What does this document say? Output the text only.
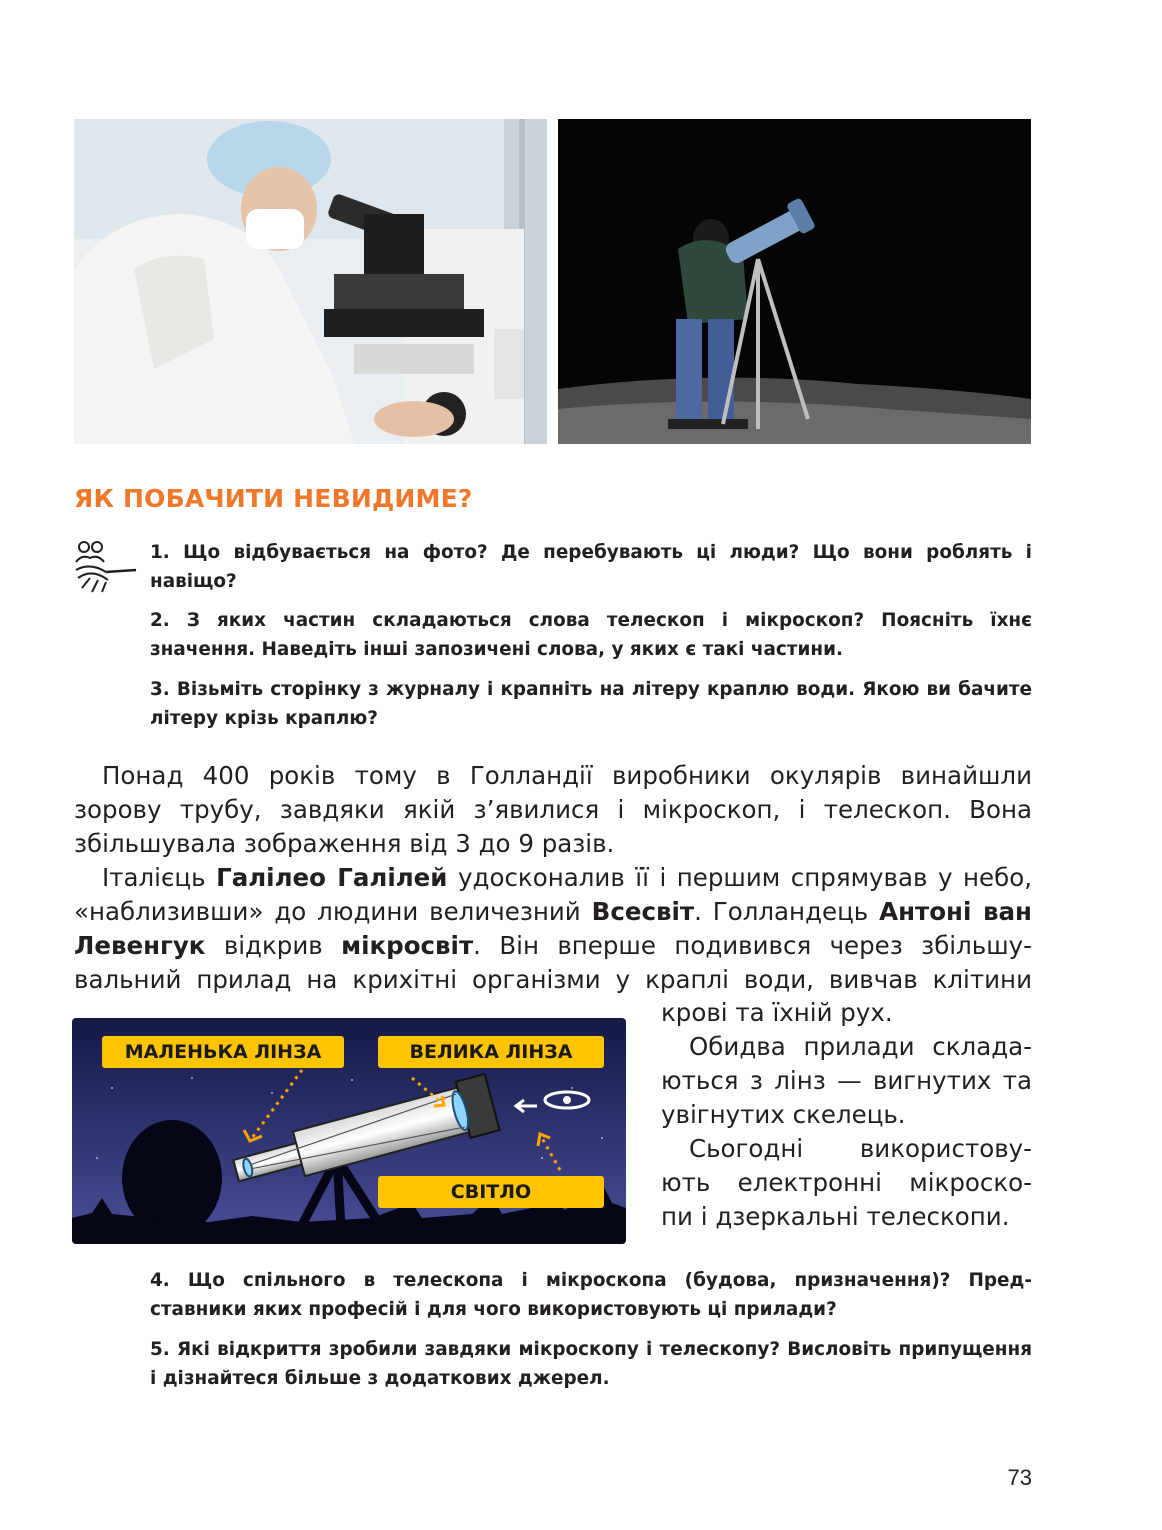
ЯК ПОБАЧИТИ НЕВИДИМЕ?

1. Що відбувається на фото? Де перебувають ці люди? Що вони роблять і навіщо?

2. З яких частин складаються слова телескоп і мікроскоп? Поясніть їхнє значення. Наведіть інші запозичені слова, у яких є такі частини.

3. Візьміть сторінку з журналу і крапніть на літеру краплю води. Якою ви бачите літеру крізь краплю?

Понад 400 років тому в Голландії виробники окулярів винайшли
зорову трубу, завдяки якій з’явилися і мікроскоп, і телескоп. Вона
збільшувала зображення від 3 до 9 разів.
Італієць Галілео Галілей удосконалив її і першим спрямував у небо,
«наблизивши» до людини величезний Всесвіт. Голландець Антоні ван
Левенгук відкрив мікросвіт. Він вперше подивився через збільшу-
вальний прилад на крихітні організми у краплі води, вивчав клітини
крові та їхній рух.
Обидва прилади склада-
ються з лінз — вигнутих та
увігнутих скелець.
Сьогодні використову-
ють електронні мікроско-
пи і дзеркальні телескопи.
МАЛЕНЬКА ЛІНЗА	ВЕЛИКА ЛІНЗА
СВІТЛО

4. Що спільного в телескопа і мікроскопа (будова, призначення)? Пред-
ставники яких професій і для чого використовують ці прилади?

5. Які відкриття зробили завдяки мікроскопу і телескопу? Висловіть припущення і дізнайтеся більше з додаткових джерел.

73
